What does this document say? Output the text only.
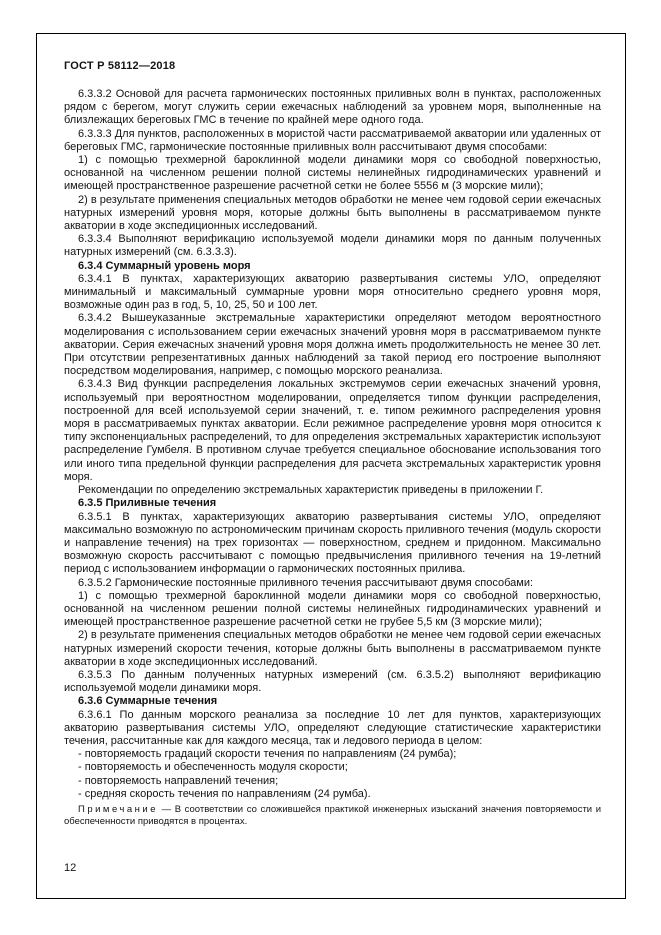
ГОСТ Р 58112—2018

6.3.3.2 Основой для расчета гармонических постоянных приливных волн в пунктах, расположенных рядом с берегом, могут служить серии ежечасных наблюдений за уровнем моря, выполненные на близлежащих береговых ГМС в течение по крайней мере одного года.

6.3.3.3 Для пунктов, расположенных в мористой части рассматриваемой акватории или удаленных от береговых ГМС, гармонические постоянные приливных волн рассчитывают двумя способами:

1) с помощью трехмерной бароклинной модели динамики моря со свободной поверхностью, основанной на численном решении полной системы нелинейных гидродинамических уравнений и имеющей пространственное разрешение расчетной сетки не более 5556 м (3 морские мили);

2) в результате применения специальных методов обработки не менее чем годовой серии ежечасных натурных измерений уровня моря, которые должны быть выполнены в рассматриваемом пункте акватории в ходе экспедиционных исследований.

6.3.3.4 Выполняют верификацию используемой модели динамики моря по данным полученных натурных измерений (см. 6.3.3.3).

6.3.4 Суммарный уровень моря

6.3.4.1 В пунктах, характеризующих акваторию развертывания системы УЛО, определяют минимальный и максимальный суммарные уровни моря относительно среднего уровня моря, возможные один раз в год, 5, 10, 25, 50 и 100 лет.

6.3.4.2 Вышеуказанные экстремальные характеристики определяют методом вероятностного моделирования с использованием серии ежечасных значений уровня моря в рассматриваемом пункте акватории. Серия ежечасных значений уровня моря должна иметь продолжительность не менее 30 лет. При отсутствии репрезентативных данных наблюдений за такой период его построение выполняют посредством моделирования, например, с помощью морского реанализа.

6.3.4.3 Вид функции распределения локальных экстремумов серии ежечасных значений уровня, используемый при вероятностном моделировании, определяется типом функции распределения, построенной для всей используемой серии значений, т. е. типом режимного распределения уровня моря в рассматриваемых пунктах акватории. Если режимное распределение уровня моря относится к типу экспоненциальных распределений, то для определения экстремальных характеристик используют распределение Гумбеля. В противном случае требуется специальное обоснование использования того или иного типа предельной функции распределения для расчета экстремальных характеристик уровня моря.

Рекомендации по определению экстремальных характеристик приведены в приложении Г.

6.3.5 Приливные течения

6.3.5.1 В пунктах, характеризующих акваторию развертывания системы УЛО, определяют максимально возможную по астрономическим причинам скорость приливного течения (модуль скорости и направление течения) на трех горизонтах — поверхностном, среднем и придонном. Максимально возможную скорость рассчитывают с помощью предвычисления приливного течения на 19-летний период с использованием информации о гармонических постоянных прилива.

6.3.5.2 Гармонические постоянные приливного течения рассчитывают двумя способами:

1) с помощью трехмерной бароклинной модели динамики моря со свободной поверхностью, основанной на численном решении полной системы нелинейных гидродинамических уравнений и имеющей пространственное разрешение расчетной сетки не грубее 5,5 км (3 морские мили);

2) в результате применения специальных методов обработки не менее чем годовой серии ежечасных натурных измерений скорости течения, которые должны быть выполнены в рассматриваемом пункте акватории в ходе экспедиционных исследований.

6.3.5.3 По данным полученных натурных измерений (см. 6.3.5.2) выполняют верификацию используемой модели динамики моря.

6.3.6 Суммарные течения

6.3.6.1 По данным морского реанализа за последние 10 лет для пунктов, характеризующих акваторию развертывания системы УЛО, определяют следующие статистические характеристики течения, рассчитанные как для каждого месяца, так и ледового периода в целом:

- повторяемость градаций скорости течения по направлениям (24 румба);

- повторяемость и обеспеченность модуля скорости;

- повторяемость направлений течения;

- средняя скорость течения по направлениям (24 румба).

Примечание — В соответствии со сложившейся практикой инженерных изысканий значения повторяемости и обеспеченности приводятся в процентах.

12
